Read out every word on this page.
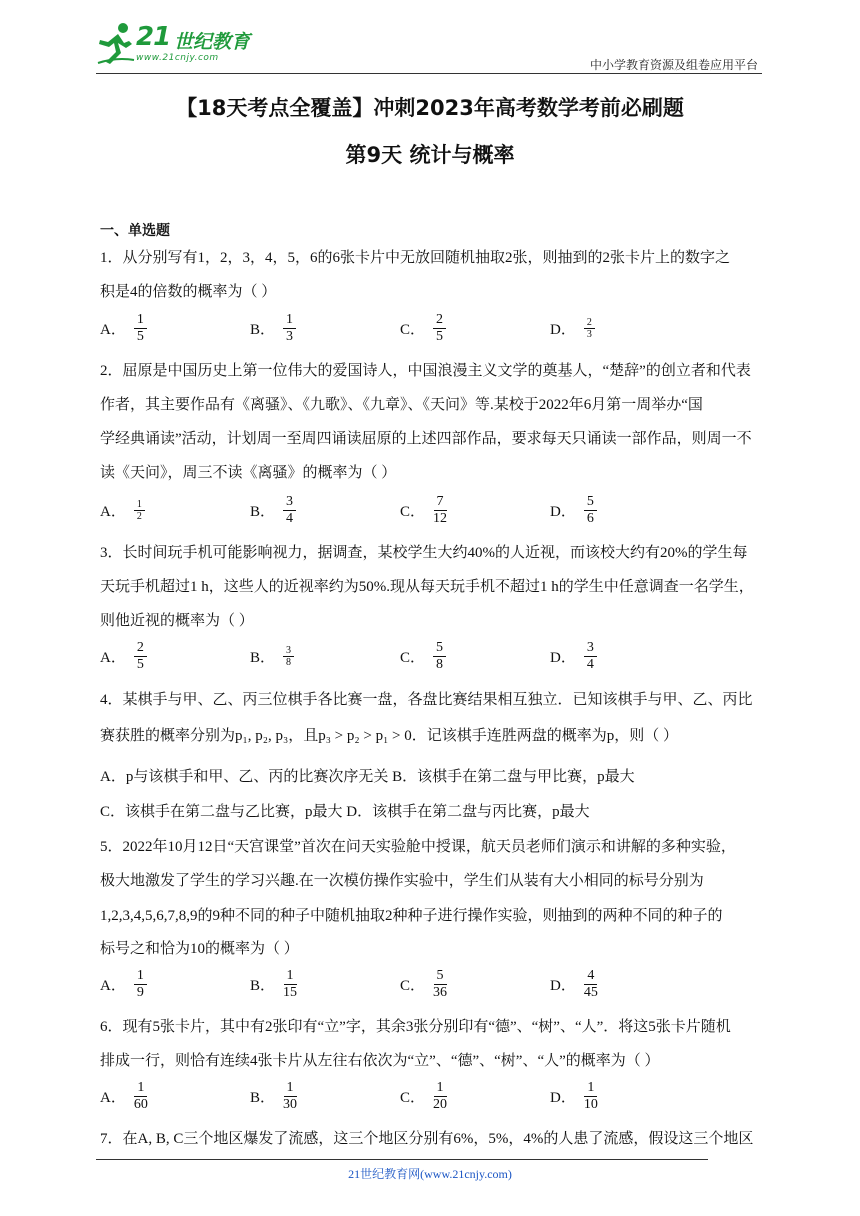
21 世纪教育
www.21cnjy.com	中小学教育资源及组卷应用平台
【18天考点全覆盖】冲刺2023年高考数学考前必刷题
第9天 统计与概率
一、单选题
1．从分别写有1，2，3，4，5，6的6张卡片中无放回随机抽取2张，则抽到的2张卡片上的数字之
积是4的倍数的概率为（ ）
A． $\frac{1}{5}$	B． $\frac{1}{3}$	C． $\frac{2}{5}$	D． $\frac{2}{3}$
2．屈原是中国历史上第一位伟大的爱国诗人，中国浪漫主义文学的奠基人，“楚辞”的创立者和代表
作者，其主要作品有《离骚》、《九歌》、《九章》、《天问》等.某校于2022年6月第一周举办“国
学经典诵读”活动，计划周一至周四诵读屈原的上述四部作品，要求每天只诵读一部作品，则周一不
读《天问》，周三不读《离骚》的概率为（ ）
A． $\frac{1}{2}$	B． $\frac{3}{4}$	C． $\frac{7}{12}$	D． $\frac{5}{6}$
3．长时间玩手机可能影响视力，据调查，某校学生大约40%的人近视，而该校大约有20%的学生每
天玩手机超过1 h，这些人的近视率约为50%.现从每天玩手机不超过1 h的学生中任意调查一名学生，
则他近视的概率为（ ）
A． $\frac{2}{5}$	B． $\frac{3}{8}$	C． $\frac{5}{8}$	D． $\frac{3}{4}$
4．某棋手与甲、乙、丙三位棋手各比赛一盘，各盘比赛结果相互独立．已知该棋手与甲、乙、丙比
赛获胜的概率分别为p₁, p₂, p₃，且p₃ > p₂ > p₁ > 0．记该棋手连胜两盘的概率为p，则（ ）
A．p与该棋手和甲、乙、丙的比赛次序无关 B．该棋手在第二盘与甲比赛，p最大
C．该棋手在第二盘与乙比赛，p最大 D．该棋手在第二盘与丙比赛，p最大
5．2022年10月12日“天宫课堂”首次在问天实验舱中授课，航天员老师们演示和讲解的多种实验，
极大地激发了学生的学习兴趣.在一次模仿操作实验中，学生们从装有大小相同的标号分别为
1,2,3,4,5,6,7,8,9的9种不同的种子中随机抽取2种种子进行操作实验，则抽到的两种不同的种子的
标号之和恰为10的概率为（ ）
A． $\frac{1}{9}$	B． $\frac{1}{15}$	C． $\frac{5}{36}$	D． $\frac{4}{45}$
6．现有5张卡片，其中有2张印有“立”字，其余3张分别印有“德”、“树”、“人”．将这5张卡片随机
排成一行，则恰有连续4张卡片从左往右依次为“立”、“德”、“树”、“人”的概率为（ ）
A． $\frac{1}{60}$	B． $\frac{1}{30}$	C． $\frac{1}{20}$	D． $\frac{1}{10}$
7．在A, B, C三个地区爆发了流感，这三个地区分别有6%，5%，4%的人患了流感，假设这三个地区
21世纪教育网(www.21cnjy.com)
